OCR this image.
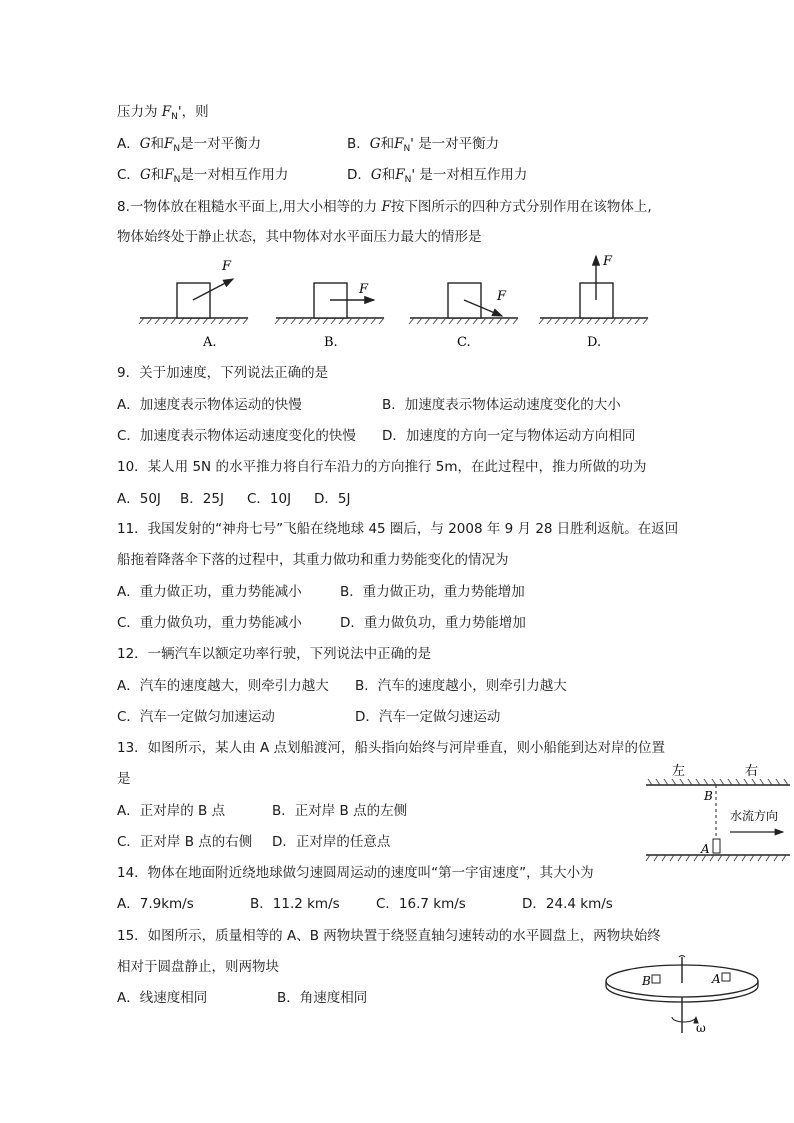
压力为 $F_N'$，则
A．G和$F_N$是一对平衡力	B．G和$F_N'$ 是一对平衡力
C．G和$F_N$是一对相互作用力	D．G和$F_N'$ 是一对相互作用力
8.一物体放在粗糙水平面上,用大小相等的力 F按下图所示的四种方式分别作用在该物体上,
物体始终处于静止状态，其中物体对水平面压力最大的情形是
F
A.
F
B.
F
C.
F
D.
9．关于加速度，下列说法正确的是
A．加速度表示物体运动的快慢	B．加速度表示物体运动速度变化的大小
C．加速度表示物体运动速度变化的快慢 D．加速度的方向一定与物体运动方向相同
10．某人用 5N 的水平推力将自行车沿力的方向推行 5m，在此过程中，推力所做的功为
A．50J B．25J C．10J D．5J
11．我国发射的“神舟七号”飞船在绕地球 45 圈后，与 2008 年 9 月 28 日胜利返航。在返回
船拖着降落伞下落的过程中，其重力做功和重力势能变化的情况为
A．重力做正功，重力势能减小	B．重力做正功，重力势能增加
C．重力做负功，重力势能减小	D．重力做负功，重力势能增加
12．一辆汽车以额定功率行驶，下列说法中正确的是
A．汽车的速度越大，则牵引力越大 B．汽车的速度越小，则牵引力越大
C．汽车一定做匀加速运动	D．汽车一定做匀速运动
13．如图所示，某人由 A 点划船渡河，船头指向始终与河岸垂直，则小船能到达对岸的位置
是
A．正对岸的 B 点	B．正对岸 B 点的左侧
C．正对岸 B 点的右侧 D．正对岸的任意点
左	右
B
水流方向
A
14．物体在地面附近绕地球做匀速圆周运动的速度叫“第一宇宙速度”，其大小为
A．7.9km/s	B．11.2 km/s	C．16.7 km/s	D．24.4 km/s
15．如图所示，质量相等的 A、B 两物块置于绕竖直轴匀速转动的水平圆盘上，两物块始终
相对于圆盘静止，则两物块
A．线速度相同	B．角速度相同
B	A
ω
